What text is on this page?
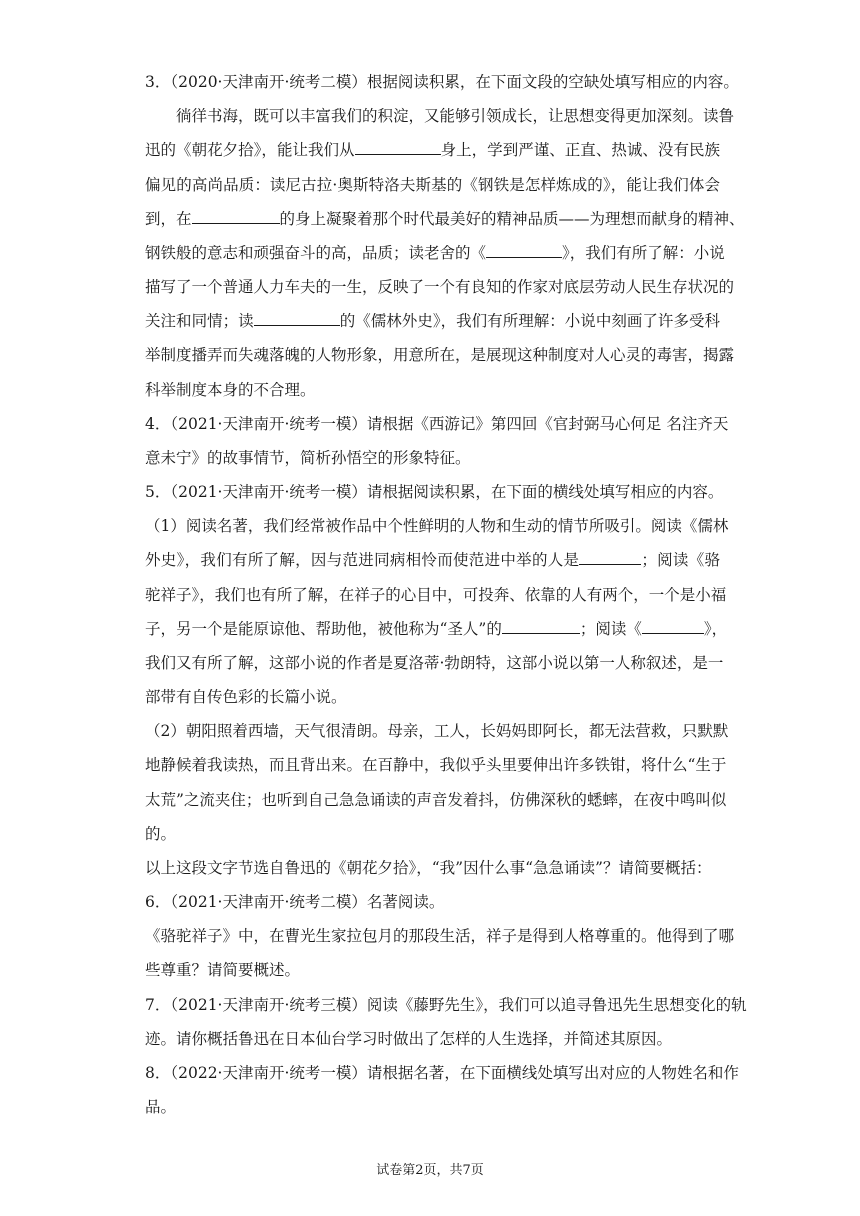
3．（2020·天津南开·统考二模）根据阅读积累，在下面文段的空缺处填写相应的内容。
徜徉书海，既可以丰富我们的积淀，又能够引领成长，让思想变得更加深刻。读鲁
迅的《朝花夕拾》，能让我们从	身上，学到严谨、正直、热诚、没有民族
偏见的高尚品质：读尼古拉·奥斯特洛夫斯基的《钢铁是怎样炼成的》，能让我们体会
到，在	的身上凝聚着那个时代最美好的精神品质——为理想而献身的精神、
钢铁般的意志和顽强奋斗的高，品质；读老舍的《	》，我们有所了解：小说
描写了一个普通人力车夫的一生，反映了一个有良知的作家对底层劳动人民生存状况的
关注和同情；读	的《儒林外史》，我们有所理解：小说中刻画了许多受科
举制度播弄而失魂落魄的人物形象，用意所在，是展现这种制度对人心灵的毒害，揭露
科举制度本身的不合理。
4．（2021·天津南开·统考一模）请根据《西游记》第四回《官封弼马心何足 名注齐天
意未宁》的故事情节，简析孙悟空的形象特征。
5．（2021·天津南开·统考一模）请根据阅读积累，在下面的横线处填写相应的内容。
（1）阅读名著，我们经常被作品中个性鲜明的人物和生动的情节所吸引。阅读《儒林
外史》，我们有所了解，因与范进同病相怜而使范进中举的人是	；阅读《骆
驼祥子》，我们也有所了解，在祥子的心目中，可投奔、依靠的人有两个，一个是小福
子，另一个是能原谅他、帮助他，被他称为“圣人”的	；阅读《	》，
我们又有所了解，这部小说的作者是夏洛蒂·勃朗特，这部小说以第一人称叙述，是一
部带有自传色彩的长篇小说。
（2）朝阳照着西墙，天气很清朗。母亲，工人，长妈妈即阿长，都无法营救，只默默
地静候着我读热，而且背出来。在百静中，我似乎头里要伸出许多铁钳，将什么“生于
太荒”之流夹住；也听到自己急急诵读的声音发着抖，仿佛深秋的蟋蟀，在夜中鸣叫似
的。
以上这段文字节选自鲁迅的《朝花夕拾》，“我”因什么事“急急诵读”？请简要概括：
6．（2021·天津南开·统考二模）名著阅读。
《骆驼祥子》中，在曹光生家拉包月的那段生活，祥子是得到人格尊重的。他得到了哪
些尊重？请简要概述。
7．（2021·天津南开·统考三模）阅读《藤野先生》，我们可以追寻鲁迅先生思想变化的轨
迹。请你概括鲁迅在日本仙台学习时做出了怎样的人生选择，并简述其原因。
8．（2022·天津南开·统考一模）请根据名著，在下面横线处填写出对应的人物姓名和作
品。
试卷第2页，共7页
